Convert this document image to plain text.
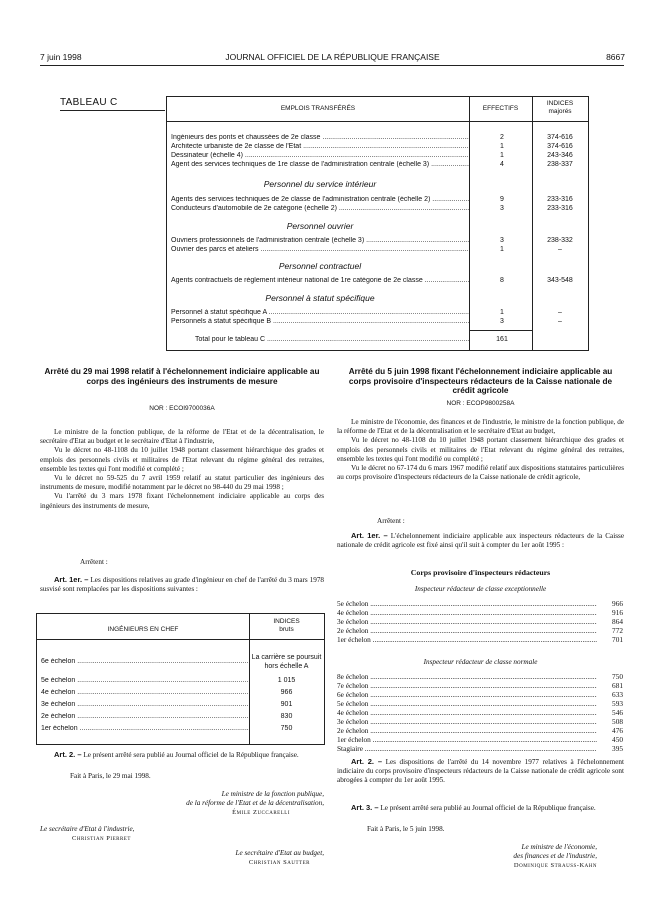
7 juin 1998	JOURNAL OFFICIEL DE LA RÉPUBLIQUE FRANÇAISE	8667
TABLEAU C
EMPLOIS TRANSFÉRÉS	EFFECTIFS
INDICES
majorés
Ingénieurs des ponts et chaussées de 2e classe .....	2	374-616
Architecte urbaniste de 2e classe de l'Etat .....	1	374-616
Dessinateur (échelle 4) .....	1	243-346
Agent des services techniques de 1re classe de l'administration centrale (échelle 3) .....	4	238-337
Personnel du service intérieur
Agents des services techniques de 2e classe de l'administration centrale (échelle 2) .....	9	233-316
Conducteurs d'automobile de 2e catégorie (échelle 2) .....	3	233-316
Personnel ouvrier
Ouvriers professionnels de l'administration centrale (échelle 3) .....	3	238-332
Ouvrier des parcs et ateliers .....	1	–
Personnel contractuel
Agents contractuels de règlement intérieur national de 1re catégorie de 2e classe .....	8	343-548
Personnel à statut spécifique
Personnel à statut spécifique A .....	1	–
Personnels à statut spécifique B .....	3	–
Total pour le tableau C .....	161
Arrêté du 29 mai 1998 relatif à l'échelonnement indiciaire applicable au corps des ingénieurs des instruments de mesure
NOR : ECOI9700036A

Le ministre de la fonction publique, de la réforme de l'Etat et de la décentralisation, le secrétaire d'Etat au budget et le secrétaire d'Etat à l'industrie,

Vu le décret no 48-1108 du 10 juillet 1948 portant classement hiérarchique des grades et emplois des personnels civils et militaires de l'Etat relevant du régime général des retraites, ensemble les textes qui l'ont modifié et complété ;

Vu le décret no 59-525 du 7 avril 1959 relatif au statut particulier des ingénieurs des instruments de mesure, modifié notamment par le décret no 98-440 du 29 mai 1998 ;

Vu l'arrêté du 3 mars 1978 fixant l'échelonnement indiciaire applicable au corps des ingénieurs des instruments de mesure,

Arrêtent :

Art. 1er. – Les dispositions relatives au grade d'ingénieur en chef de l'arrêté du 3 mars 1978 susvisé sont remplacées par les dispositions suivantes :

INGÉNIEURS EN CHEF
INDICES
bruts
6e échelon .....
La carrière se poursuit hors échelle A
5e échelon .....	1 015
4e échelon .....	966
3e échelon .....	901
2e échelon .....	830
1er échelon .....	750

Art. 2. – Le présent arrêté sera publié au Journal officiel de la République française.

Fait à Paris, le 29 mai 1998.
Le ministre de la fonction publique,
de la réforme de l'Etat et de la décentralisation,
Émile Zuccarelli
Le secrétaire d'Etat à l'industrie,
Christian Pierret
Le secrétaire d'Etat au budget,
Christian Sautter
Arrêté du 5 juin 1998 fixant l'échelonnement indiciaire applicable au corps provisoire d'inspecteurs rédacteurs de la Caisse nationale de crédit agricole
NOR : ECOP9800258A

Le ministre de l'économie, des finances et de l'industrie, le ministre de la fonction publique, de la réforme de l'Etat et de la décentralisation et le secrétaire d'Etat au budget,

Vu le décret no 48-1108 du 10 juillet 1948 portant classement hiérarchique des grades et emplois des personnels civils et militaires de l'Etat relevant du régime général des retraites, ensemble les textes qui l'ont modifié ou complété ;

Vu le décret no 67-174 du 6 mars 1967 modifié relatif aux dispositions statutaires particulières au corps provisoire d'inspecteurs rédacteurs de la Caisse nationale de crédit agricole,

Arrêtent :

Art. 1er. – L'échelonnement indiciaire applicable aux inspecteurs rédacteurs de la Caisse nationale de crédit agricole est fixé ainsi qu'il suit à compter du 1er août 1995 :

Corps provisoire d'inspecteurs rédacteurs
Inspecteur rédacteur de classe exceptionnelle
5e échelon .....	966
4e échelon .....	916
3e échelon .....	864
2e échelon .....	772
1er échelon .....	701
Inspecteur rédacteur de classe normale
8e échelon .....	750
7e échelon .....	681
6e échelon .....	633
5e échelon .....	593
4e échelon .....	546
3e échelon .....	508
2e échelon .....	476
1er échelon .....	450
Stagiaire .....	395

Art. 2. – Les dispositions de l'arrêté du 14 novembre 1977 relatives à l'échelonnement indiciaire du corps provisoire d'inspecteurs rédacteurs de la Caisse nationale de crédit agricole sont abrogées à compter du 1er août 1995.

Art. 3. – Le présent arrêté sera publié au Journal officiel de la République française.

Fait à Paris, le 5 juin 1998.
Le ministre de l'économie,
des finances et de l'industrie,
Dominique Strauss-Kahn
